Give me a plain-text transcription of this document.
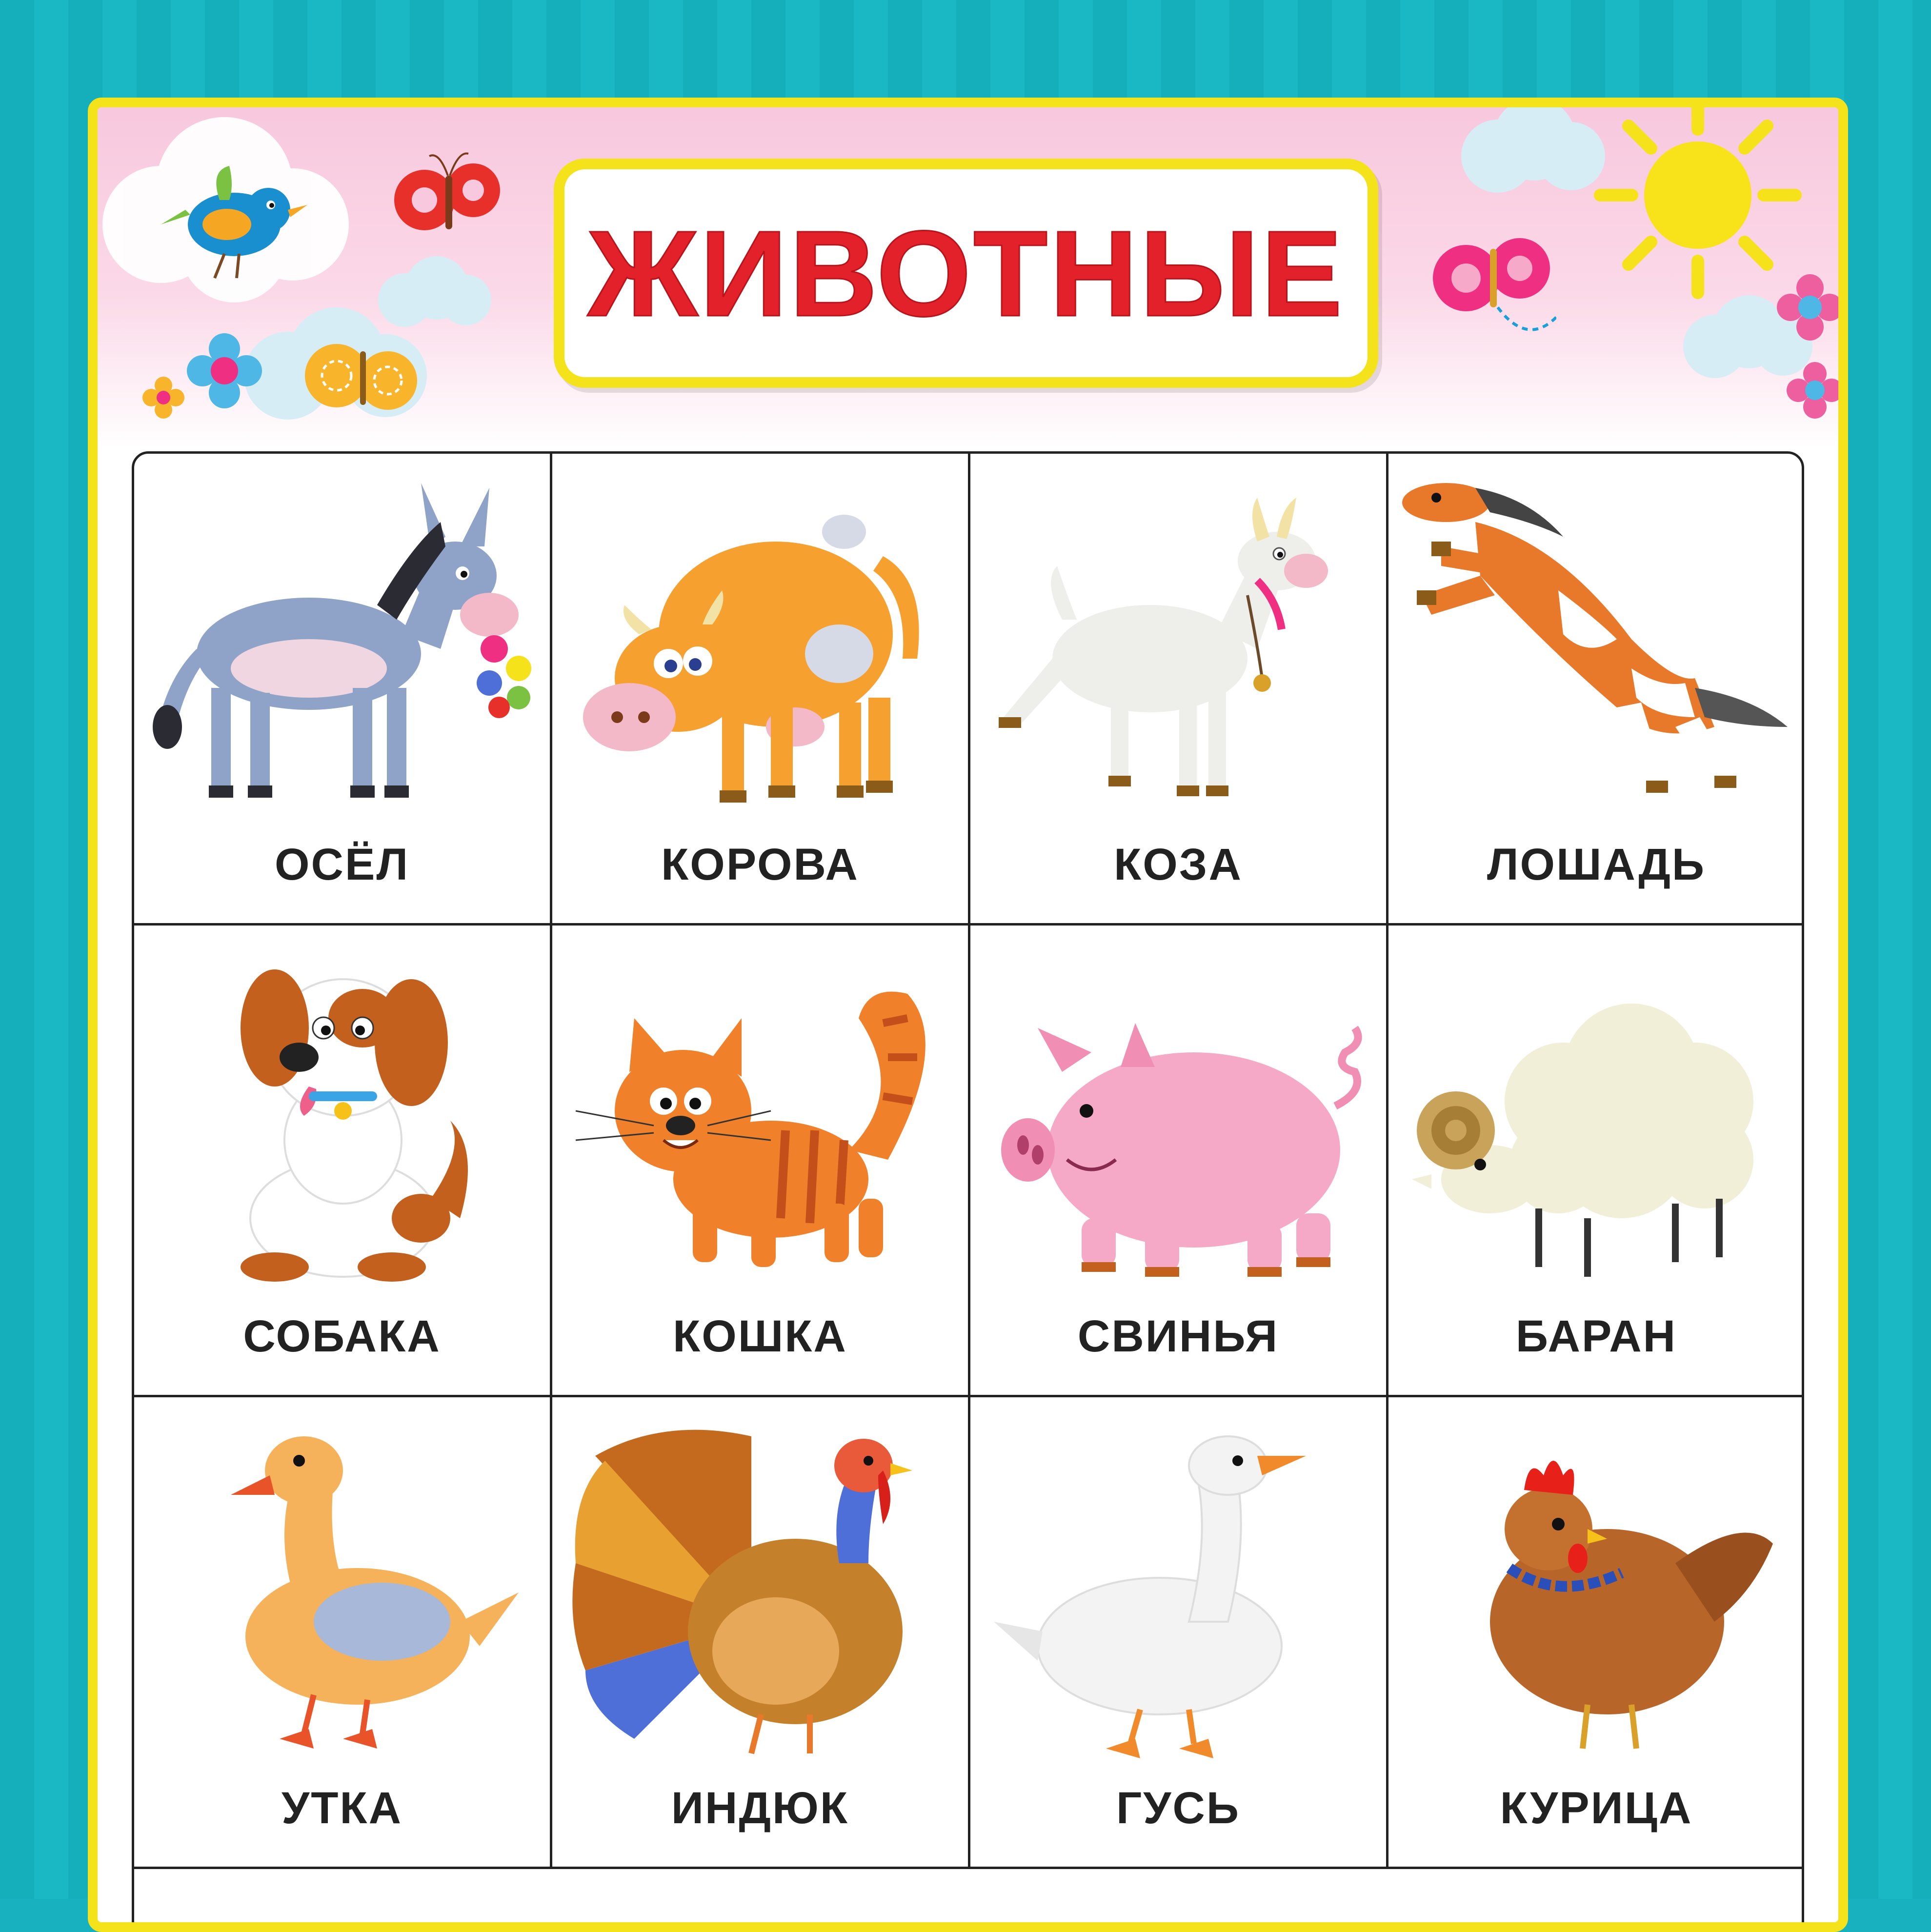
ЖИВОТНЫЕ
ОСЁЛ	КОРОВА	КОЗА	ЛОШАДЬ
СОБАКА	КОШКА	СВИНЬЯ	БАРАН
УТКА	ИНДЮК	ГУСЬ	КУРИЦА
